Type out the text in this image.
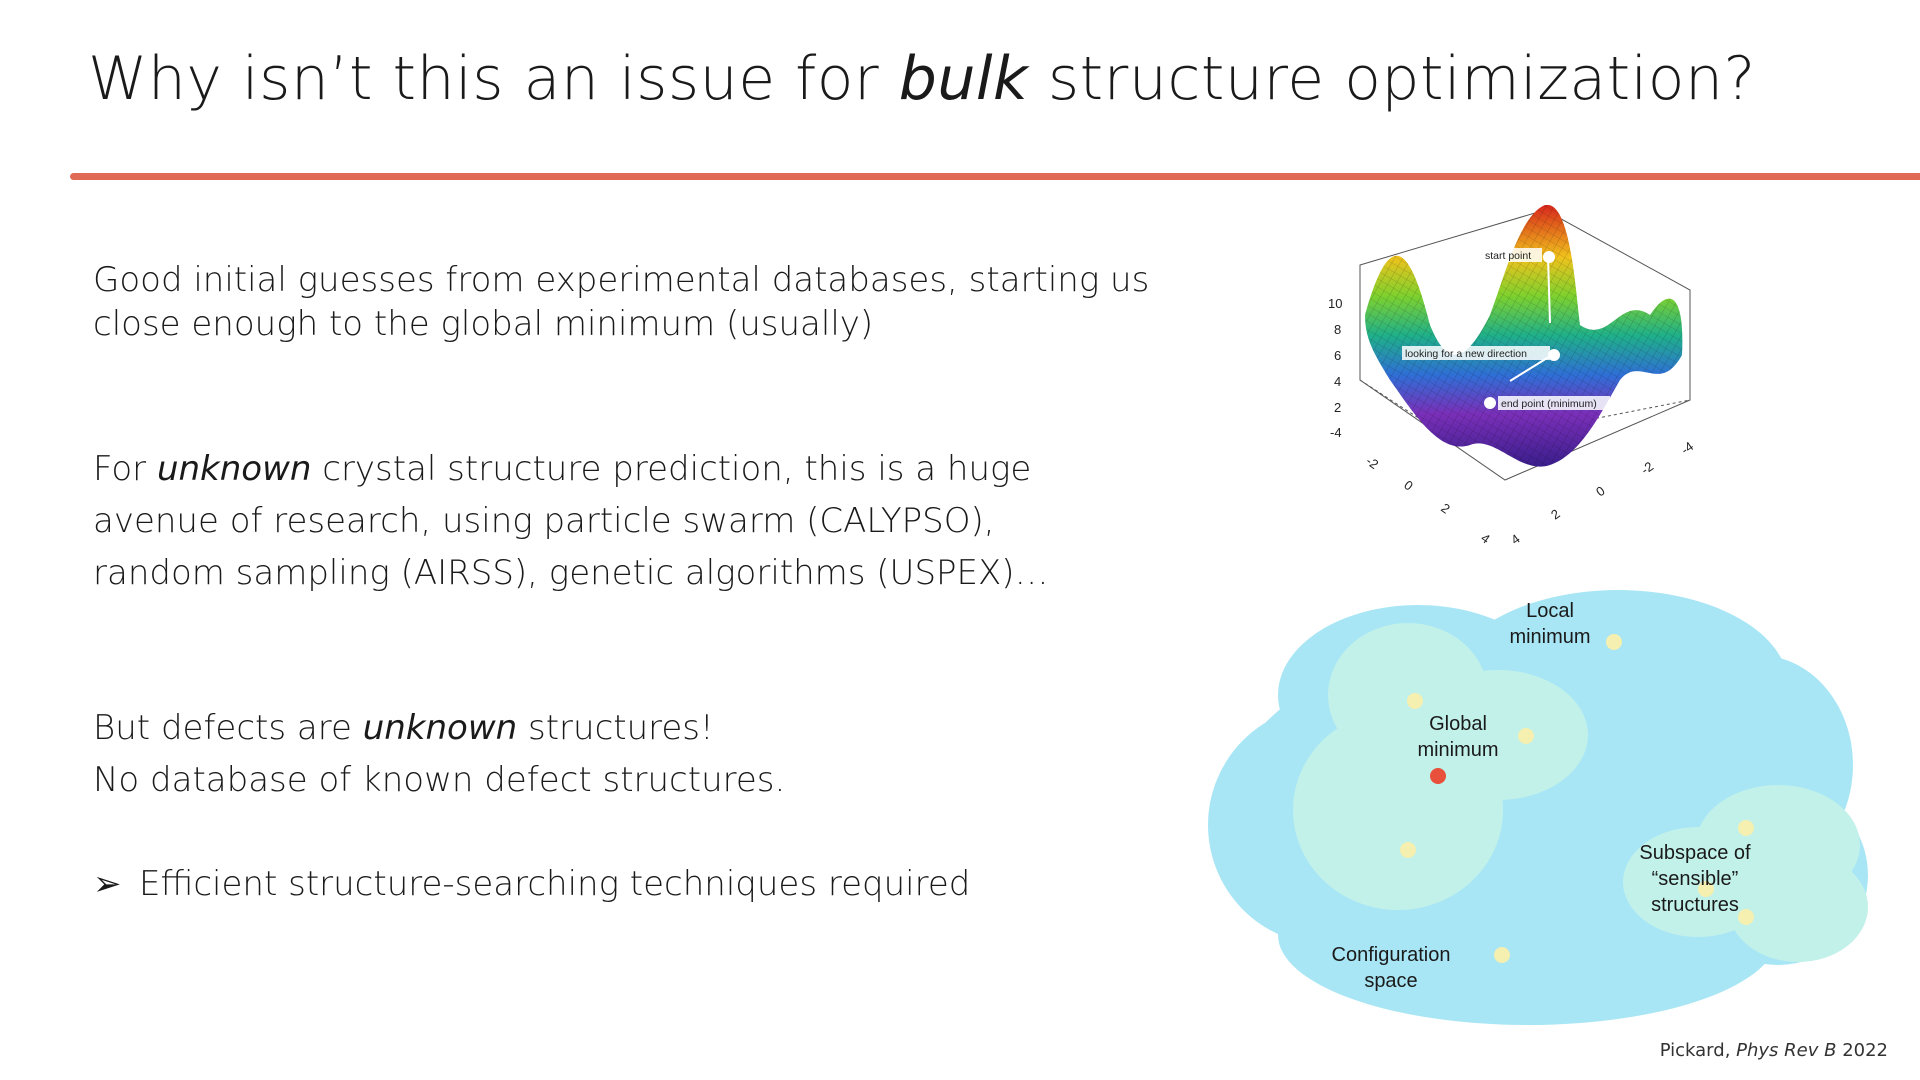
Why isn’t this an issue for bulk structure optimization?
Good initial guesses from experimental databases, starting us
close enough to the global minimum (usually)
For unknown crystal structure prediction, this is a huge
avenue of research, using particle swarm (CALYPSO),
random sampling (AIRSS), genetic algorithms (USPEX)…
But defects are unknown structures!
No database of known defect structures.
➢ Efficient structure-searching techniques required
10
8
6
4
2
-4
-2
0
2
4 4
2
0
-2
-4
start point
looking for a new direction
end point (minimum)
Local
minimum
Global
minimum
Subspace of
“sensible”
structures
Configuration
space
Pickard, Phys Rev B 2022
